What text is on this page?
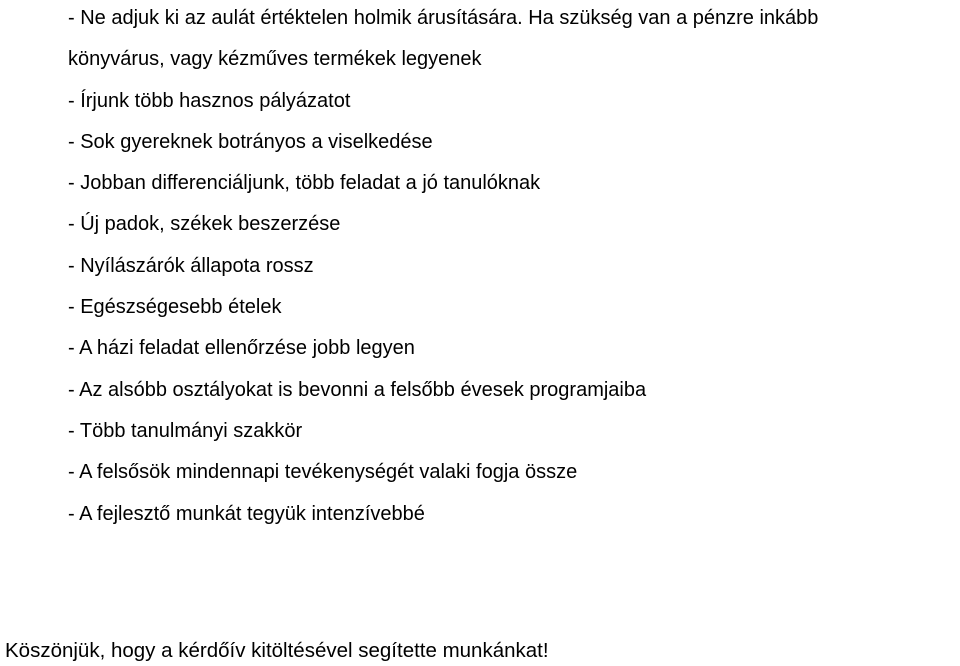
- Ne adjuk ki az aulát értéktelen holmik árusítására. Ha szükség van a pénzre inkább
könyvárus, vagy kézműves termékek legyenek
- Írjunk több hasznos pályázatot
- Sok gyereknek botrányos a viselkedése
- Jobban differenciáljunk, több feladat a jó tanulóknak
- Új padok, székek beszerzése
- Nyílászárók állapota rossz
- Egészségesebb ételek
- A házi feladat ellenőrzése jobb legyen
- Az alsóbb osztályokat is bevonni a felsőbb évesek programjaiba
- Több tanulmányi szakkör
- A felsősök mindennapi tevékenységét valaki fogja össze
- A fejlesztő munkát tegyük intenzívebbé
Köszönjük, hogy a kérdőív kitöltésével segítette munkánkat!
